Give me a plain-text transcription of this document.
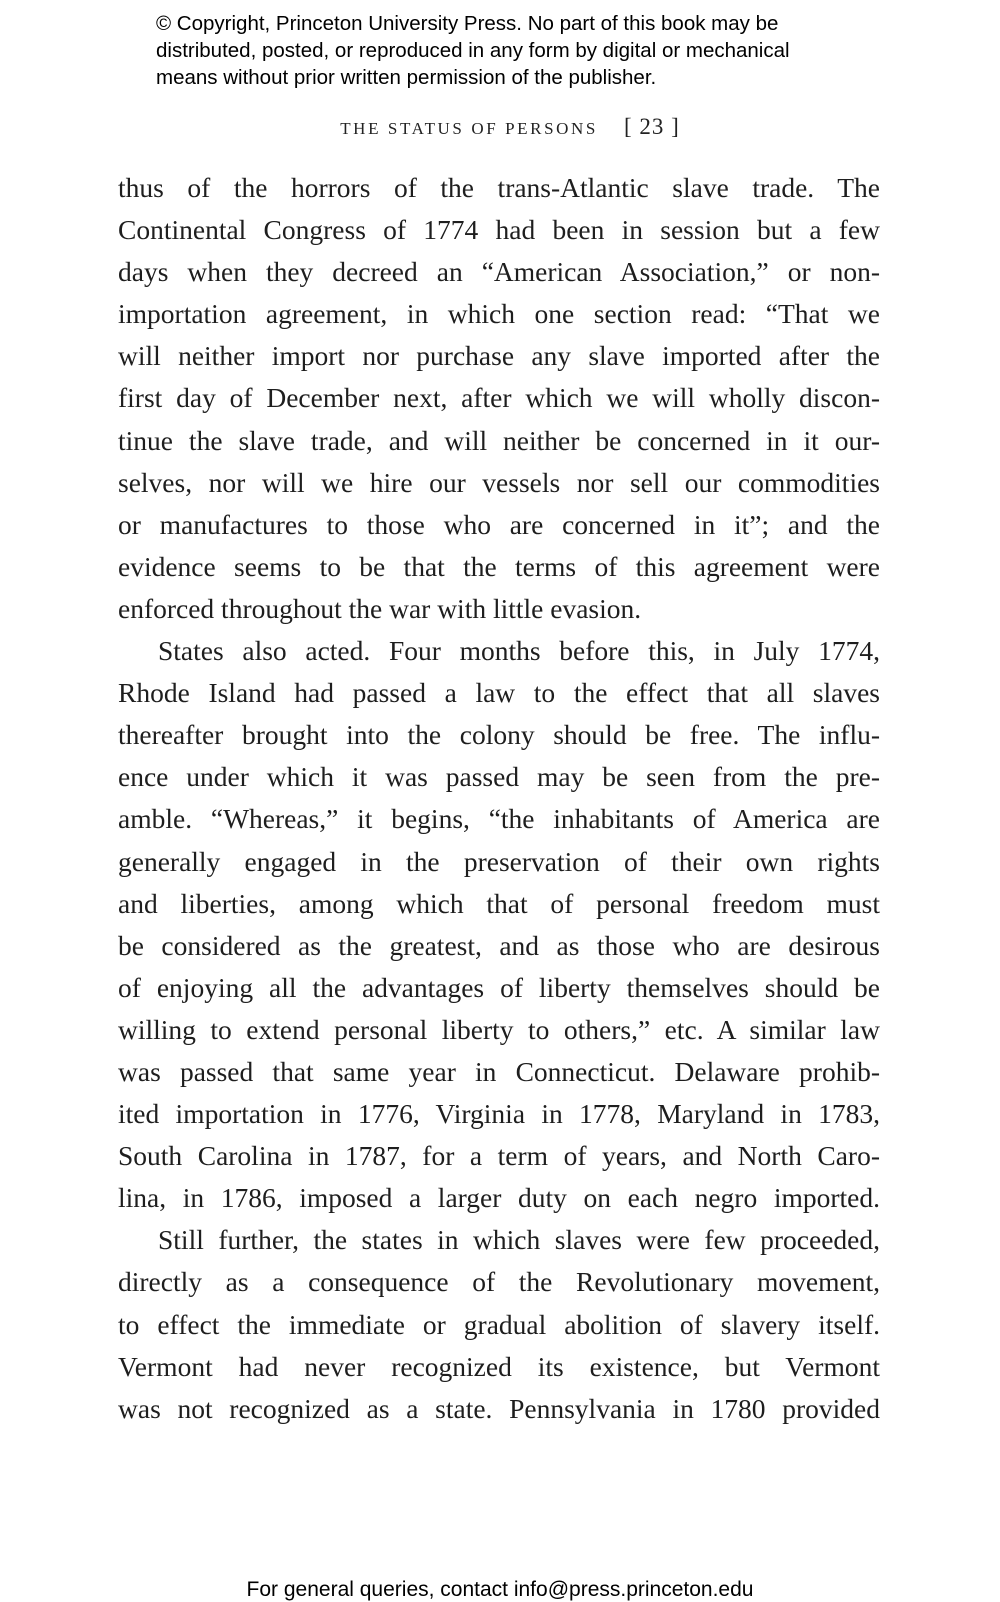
© Copyright, Princeton University Press. No part of this book may be
distributed, posted, or reproduced in any form by digital or mechanical
means without prior written permission of the publisher.
THE STATUS OF PERSONS [ 23 ]
thus of the horrors of the trans-Atlantic slave trade. The
Continental Congress of 1774 had been in session but a few
days when they decreed an “American Association,” or non-
importation agreement, in which one section read: “That we
will neither import nor purchase any slave imported after the
first day of December next, after which we will wholly discon-
tinue the slave trade, and will neither be concerned in it our-
selves, nor will we hire our vessels nor sell our commodities
or manufactures to those who are concerned in it”; and the
evidence seems to be that the terms of this agreement were
enforced throughout the war with little evasion.
States also acted. Four months before this, in July 1774,
Rhode Island had passed a law to the effect that all slaves
thereafter brought into the colony should be free. The influ-
ence under which it was passed may be seen from the pre-
amble. “Whereas,” it begins, “the inhabitants of America are
generally engaged in the preservation of their own rights
and liberties, among which that of personal freedom must
be considered as the greatest, and as those who are desirous
of enjoying all the advantages of liberty themselves should be
willing to extend personal liberty to others,” etc. A similar law
was passed that same year in Connecticut. Delaware prohib-
ited importation in 1776, Virginia in 1778, Maryland in 1783,
South Carolina in 1787, for a term of years, and North Caro-
lina, in 1786, imposed a larger duty on each negro imported.
Still further, the states in which slaves were few proceeded,
directly as a consequence of the Revolutionary movement,
to effect the immediate or gradual abolition of slavery itself.
Vermont had never recognized its existence, but Vermont
was not recognized as a state. Pennsylvania in 1780 provided
For general queries, contact info@press.princeton.edu
